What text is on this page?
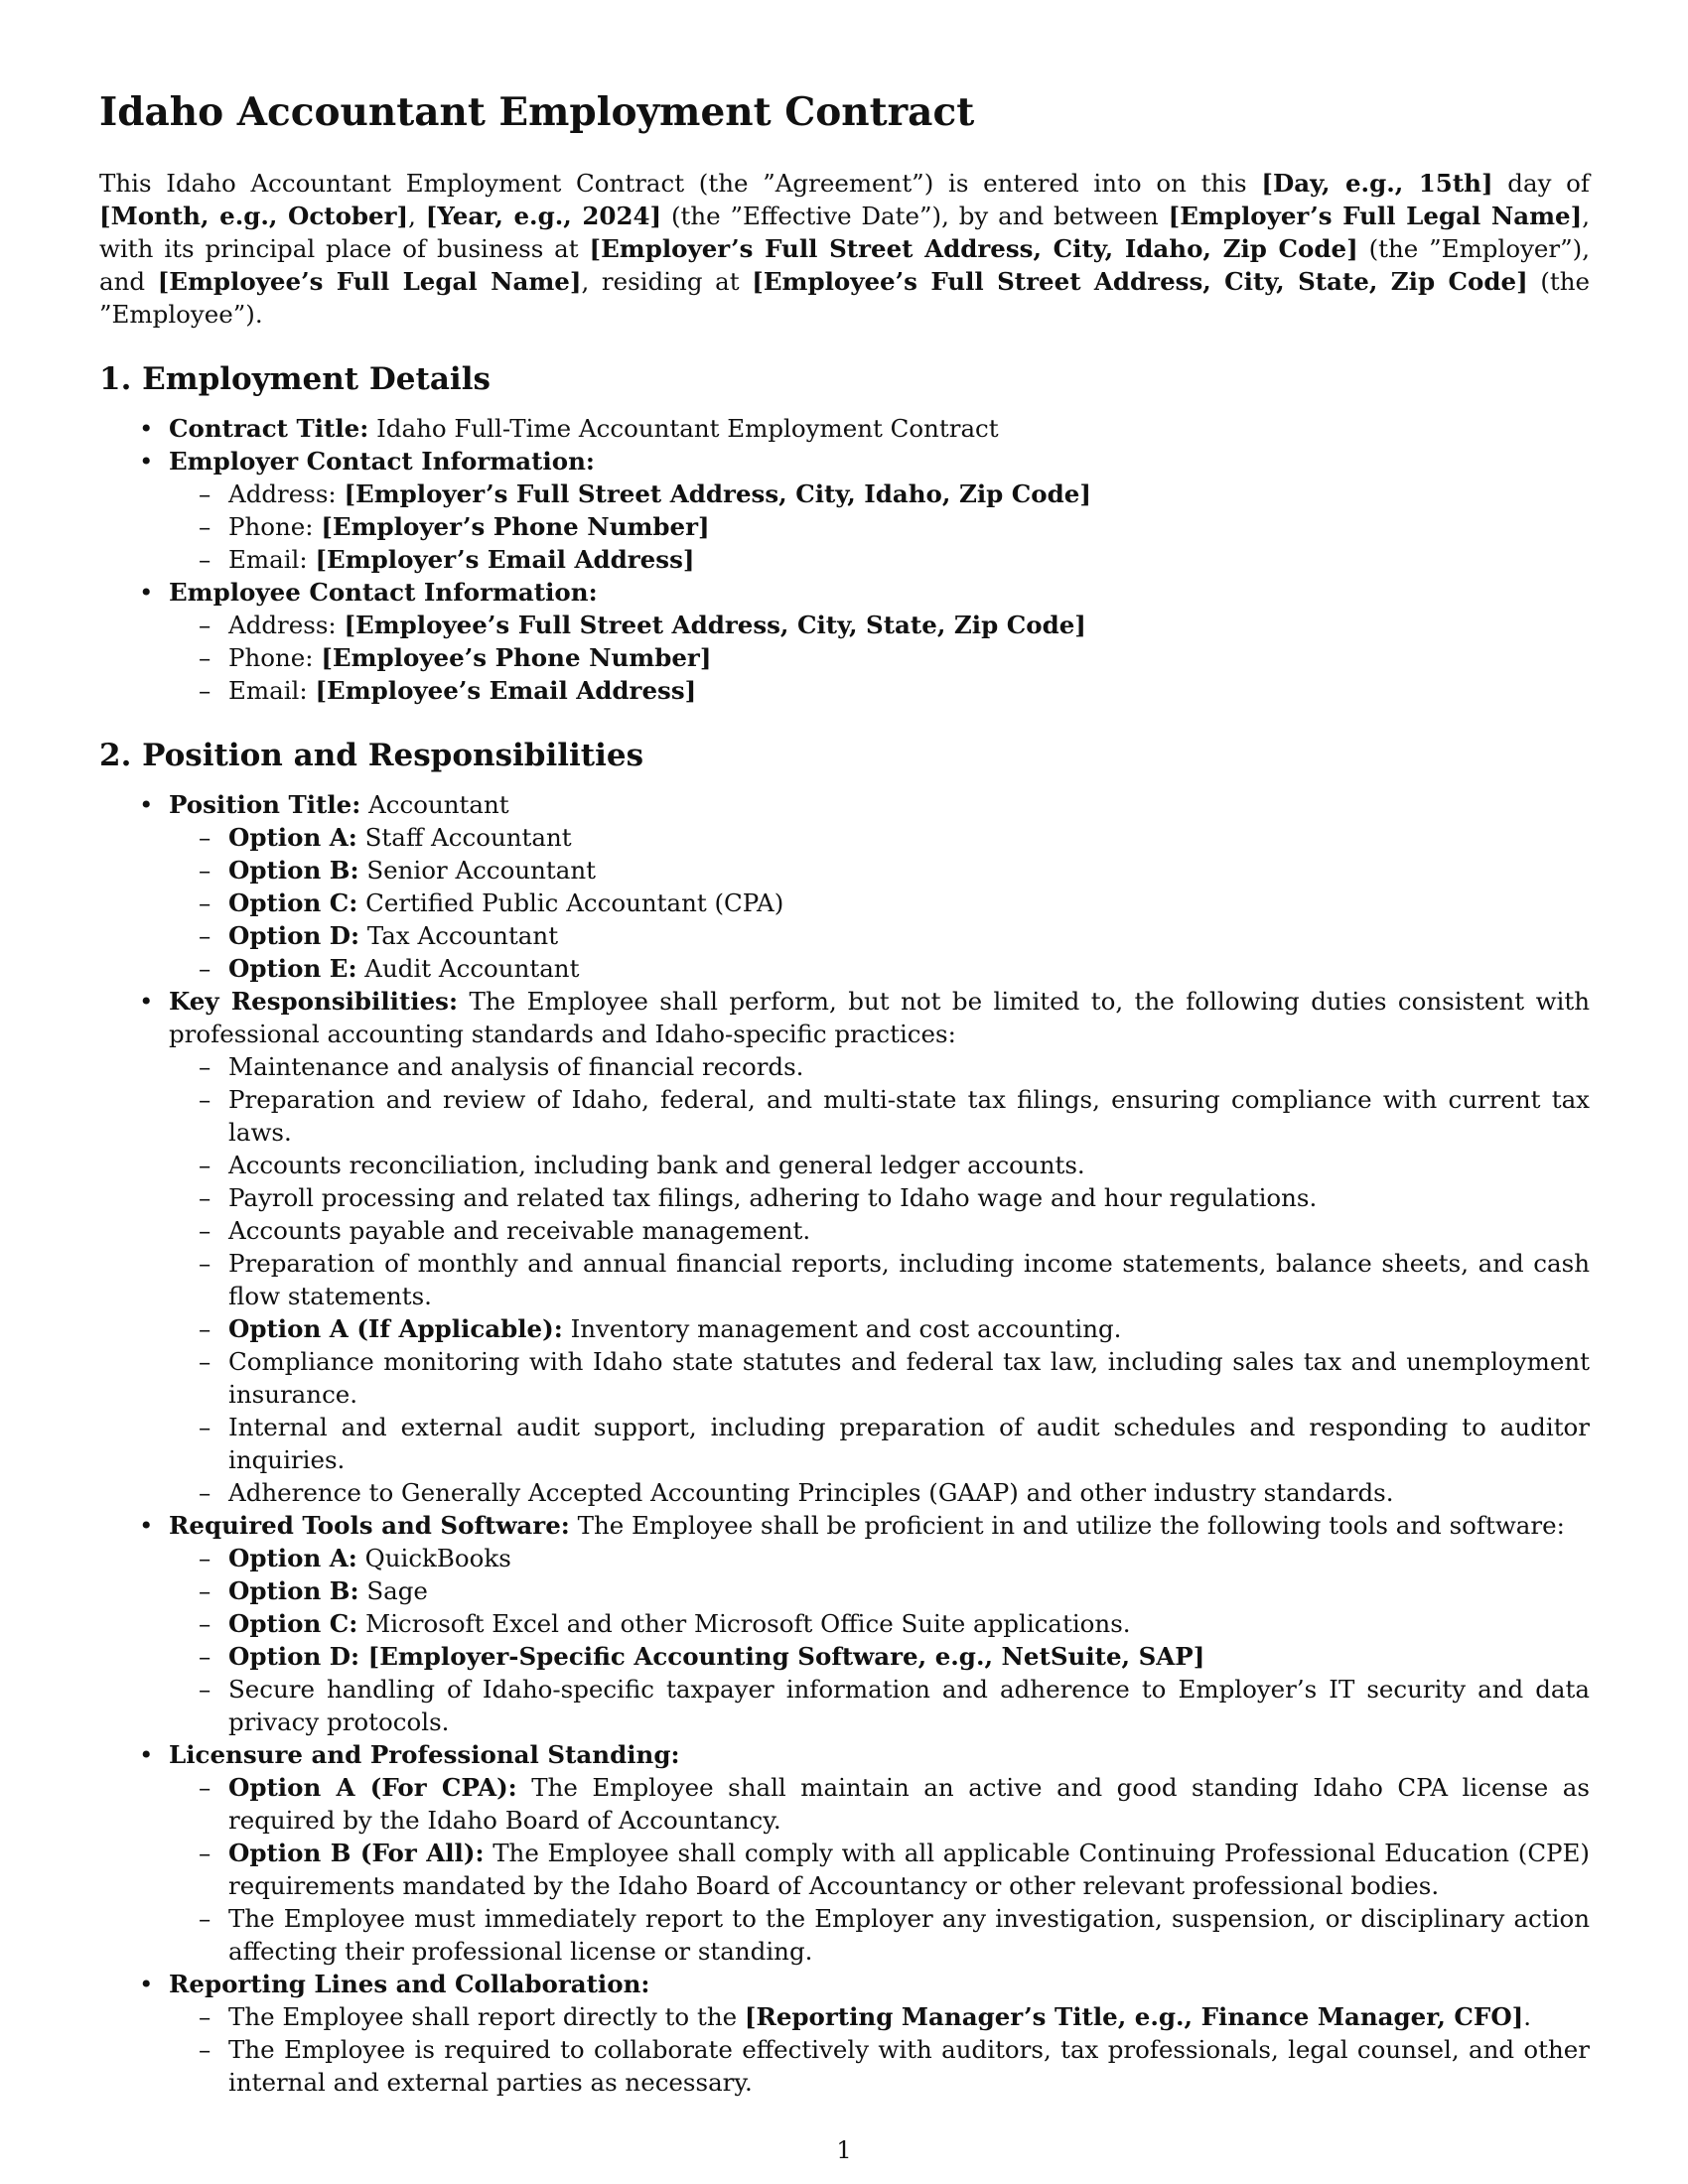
Idaho Accountant Employment Contract

This Idaho Accountant Employment Contract (the ”Agreement”) is entered into on this [Day, e.g., 15th] day of [Month, e.g., October], [Year, e.g., 2024] (the ”Effective Date”), by and between [Employer’s Full Legal Name], with its principal place of business at [Employer’s Full Street Address, City, Idaho, Zip Code] (the ”Employer”), and [Employee’s Full Legal Name], residing at [Employee’s Full Street Address, City, State, Zip Code] (the ”Employee”).

1. Employment Details
• Contract Title: Idaho Full-Time Accountant Employment Contract
• Employer Contact Information:
– Address: [Employer’s Full Street Address, City, Idaho, Zip Code]
– Phone: [Employer’s Phone Number]
– Email: [Employer’s Email Address]
• Employee Contact Information:
– Address: [Employee’s Full Street Address, City, State, Zip Code]
– Phone: [Employee’s Phone Number]
– Email: [Employee’s Email Address]
2. Position and Responsibilities
• Position Title: Accountant
– Option A: Staff Accountant
– Option B: Senior Accountant
– Option C: Certified Public Accountant (CPA)
– Option D: Tax Accountant
– Option E: Audit Accountant
• Key Responsibilities: The Employee shall perform, but not be limited to, the following duties consistent with professional accounting standards and Idaho-specific practices:
– Maintenance and analysis of financial records.
– Preparation and review of Idaho, federal, and multi-state tax filings, ensuring compliance with current tax laws.
– Accounts reconciliation, including bank and general ledger accounts.
– Payroll processing and related tax filings, adhering to Idaho wage and hour regulations.
– Accounts payable and receivable management.
– Preparation of monthly and annual financial reports, including income statements, balance sheets, and cash flow statements.
– Option A (If Applicable): Inventory management and cost accounting.
– Compliance monitoring with Idaho state statutes and federal tax law, including sales tax and unemployment insurance.
– Internal and external audit support, including preparation of audit schedules and responding to auditor inquiries.
– Adherence to Generally Accepted Accounting Principles (GAAP) and other industry standards.
• Required Tools and Software: The Employee shall be proficient in and utilize the following tools and software:
– Option A: QuickBooks
– Option B: Sage
– Option C: Microsoft Excel and other Microsoft Office Suite applications.
– Option D: [Employer-Specific Accounting Software, e.g., NetSuite, SAP]
– Secure handling of Idaho-specific taxpayer information and adherence to Employer’s IT security and data privacy protocols.
• Licensure and Professional Standing:
– Option A (For CPA): The Employee shall maintain an active and good standing Idaho CPA license as required by the Idaho Board of Accountancy.
– Option B (For All): The Employee shall comply with all applicable Continuing Professional Education (CPE) requirements mandated by the Idaho Board of Accountancy or other relevant professional bodies.
– The Employee must immediately report to the Employer any investigation, suspension, or disciplinary action affecting their professional license or standing.
• Reporting Lines and Collaboration:
– The Employee shall report directly to the [Reporting Manager’s Title, e.g., Finance Manager, CFO].
– The Employee is required to collaborate effectively with auditors, tax professionals, legal counsel, and other internal and external parties as necessary.
1
